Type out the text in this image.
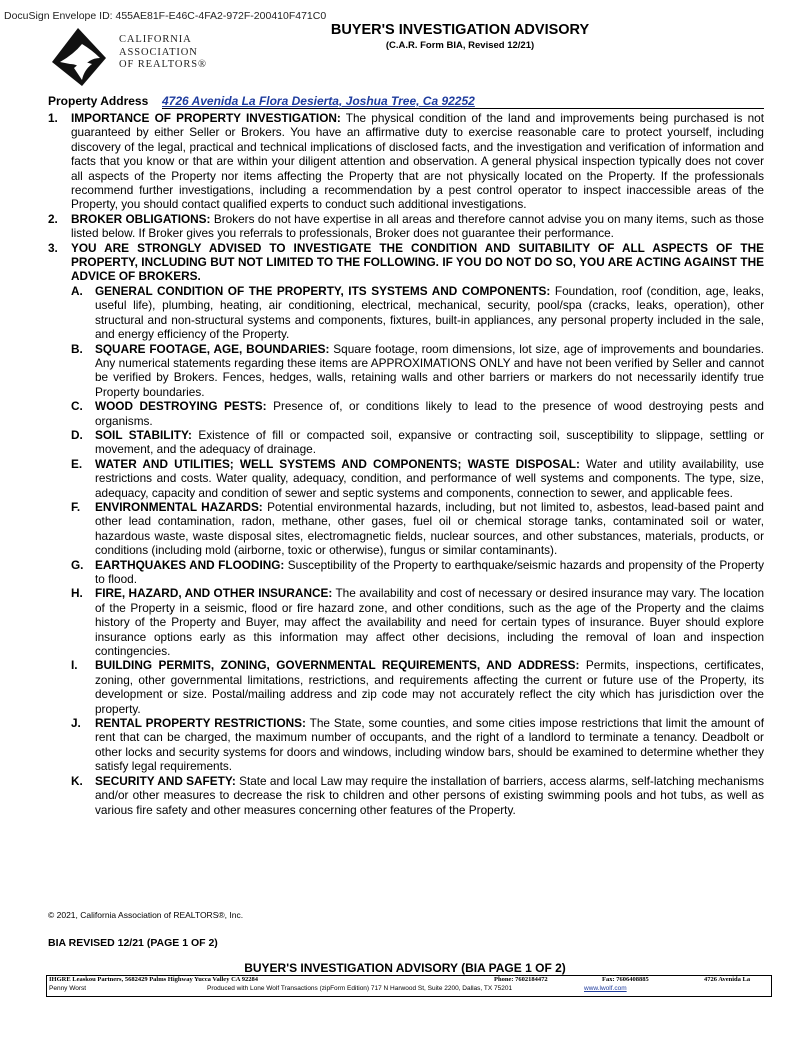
DocuSign Envelope ID: 455AE81F-E46C-4FA2-972F-200410F471C0
CALIFORNIA
ASSOCIATION
OF REALTORS®
BUYER'S INVESTIGATION ADVISORY
(C.A.R. Form BIA, Revised 12/21)
Property Address 4726 Avenida La Flora Desierta, Joshua Tree, Ca 92252
1. IMPORTANCE OF PROPERTY INVESTIGATION: The physical condition of the land and improvements being purchased is not guaranteed by either Seller or Brokers. You have an affirmative duty to exercise reasonable care to protect yourself, including discovery of the legal, practical and technical implications of disclosed facts, and the investigation and verification of information and facts that you know or that are within your diligent attention and observation. A general physical inspection typically does not cover all aspects of the Property nor items affecting the Property that are not physically located on the Property. If the professionals recommend further investigations, including a recommendation by a pest control operator to inspect inaccessible areas of the Property, you should contact qualified experts to conduct such additional investigations.
2. BROKER OBLIGATIONS: Brokers do not have expertise in all areas and therefore cannot advise you on many items, such as those listed below. If Broker gives you referrals to professionals, Broker does not guarantee their performance.
3. YOU ARE STRONGLY ADVISED TO INVESTIGATE THE CONDITION AND SUITABILITY OF ALL ASPECTS OF THE PROPERTY, INCLUDING BUT NOT LIMITED TO THE FOLLOWING. IF YOU DO NOT DO SO, YOU ARE ACTING AGAINST THE ADVICE OF BROKERS.
A. GENERAL CONDITION OF THE PROPERTY, ITS SYSTEMS AND COMPONENTS: Foundation, roof (condition, age, leaks, useful life), plumbing, heating, air conditioning, electrical, mechanical, security, pool/spa (cracks, leaks, operation), other structural and non-structural systems and components, fixtures, built-in appliances, any personal property included in the sale, and energy efficiency of the Property.
B. SQUARE FOOTAGE, AGE, BOUNDARIES: Square footage, room dimensions, lot size, age of improvements and boundaries. Any numerical statements regarding these items are APPROXIMATIONS ONLY and have not been verified by Seller and cannot be verified by Brokers. Fences, hedges, walls, retaining walls and other barriers or markers do not necessarily identify true Property boundaries.
C. WOOD DESTROYING PESTS: Presence of, or conditions likely to lead to the presence of wood destroying pests and organisms.
D. SOIL STABILITY: Existence of fill or compacted soil, expansive or contracting soil, susceptibility to slippage, settling or movement, and the adequacy of drainage.
E. WATER AND UTILITIES; WELL SYSTEMS AND COMPONENTS; WASTE DISPOSAL: Water and utility availability, use restrictions and costs. Water quality, adequacy, condition, and performance of well systems and components. The type, size, adequacy, capacity and condition of sewer and septic systems and components, connection to sewer, and applicable fees.
F. ENVIRONMENTAL HAZARDS: Potential environmental hazards, including, but not limited to, asbestos, lead-based paint and other lead contamination, radon, methane, other gases, fuel oil or chemical storage tanks, contaminated soil or water, hazardous waste, waste disposal sites, electromagnetic fields, nuclear sources, and other substances, materials, products, or conditions (including mold (airborne, toxic or otherwise), fungus or similar contaminants).
G. EARTHQUAKES AND FLOODING: Susceptibility of the Property to earthquake/seismic hazards and propensity of the Property to flood.
H. FIRE, HAZARD, AND OTHER INSURANCE: The availability and cost of necessary or desired insurance may vary. The location of the Property in a seismic, flood or fire hazard zone, and other conditions, such as the age of the Property and the claims history of the Property and Buyer, may affect the availability and need for certain types of insurance. Buyer should explore insurance options early as this information may affect other decisions, including the removal of loan and inspection contingencies.
I. BUILDING PERMITS, ZONING, GOVERNMENTAL REQUIREMENTS, AND ADDRESS: Permits, inspections, certificates, zoning, other governmental limitations, restrictions, and requirements affecting the current or future use of the Property, its development or size. Postal/mailing address and zip code may not accurately reflect the city which has jurisdiction over the property.
J. RENTAL PROPERTY RESTRICTIONS: The State, some counties, and some cities impose restrictions that limit the amount of rent that can be charged, the maximum number of occupants, and the right of a landlord to terminate a tenancy. Deadbolt or other locks and security systems for doors and windows, including window bars, should be examined to determine whether they satisfy legal requirements.
K. SECURITY AND SAFETY: State and local Law may require the installation of barriers, access alarms, self-latching mechanisms and/or other measures to decrease the risk to children and other persons of existing swimming pools and hot tubs, as well as various fire safety and other measures concerning other features of the Property.
© 2021, California Association of REALTORS®, Inc.
BIA REVISED 12/21 (PAGE 1 OF 2)
BUYER'S INVESTIGATION ADVISORY (BIA PAGE 1 OF 2)
IHGRE Leaskou Partners, 5682429 Palms Highway Yucca Valley CA 92284	Phone: 7602184472	Fax: 7606408885	4726 Avenida La
Penny Worst	Produced with Lone Wolf Transactions (zipForm Edition) 717 N Harwood St, Suite 2200, Dallas, TX 75201	www.lwolf.com
